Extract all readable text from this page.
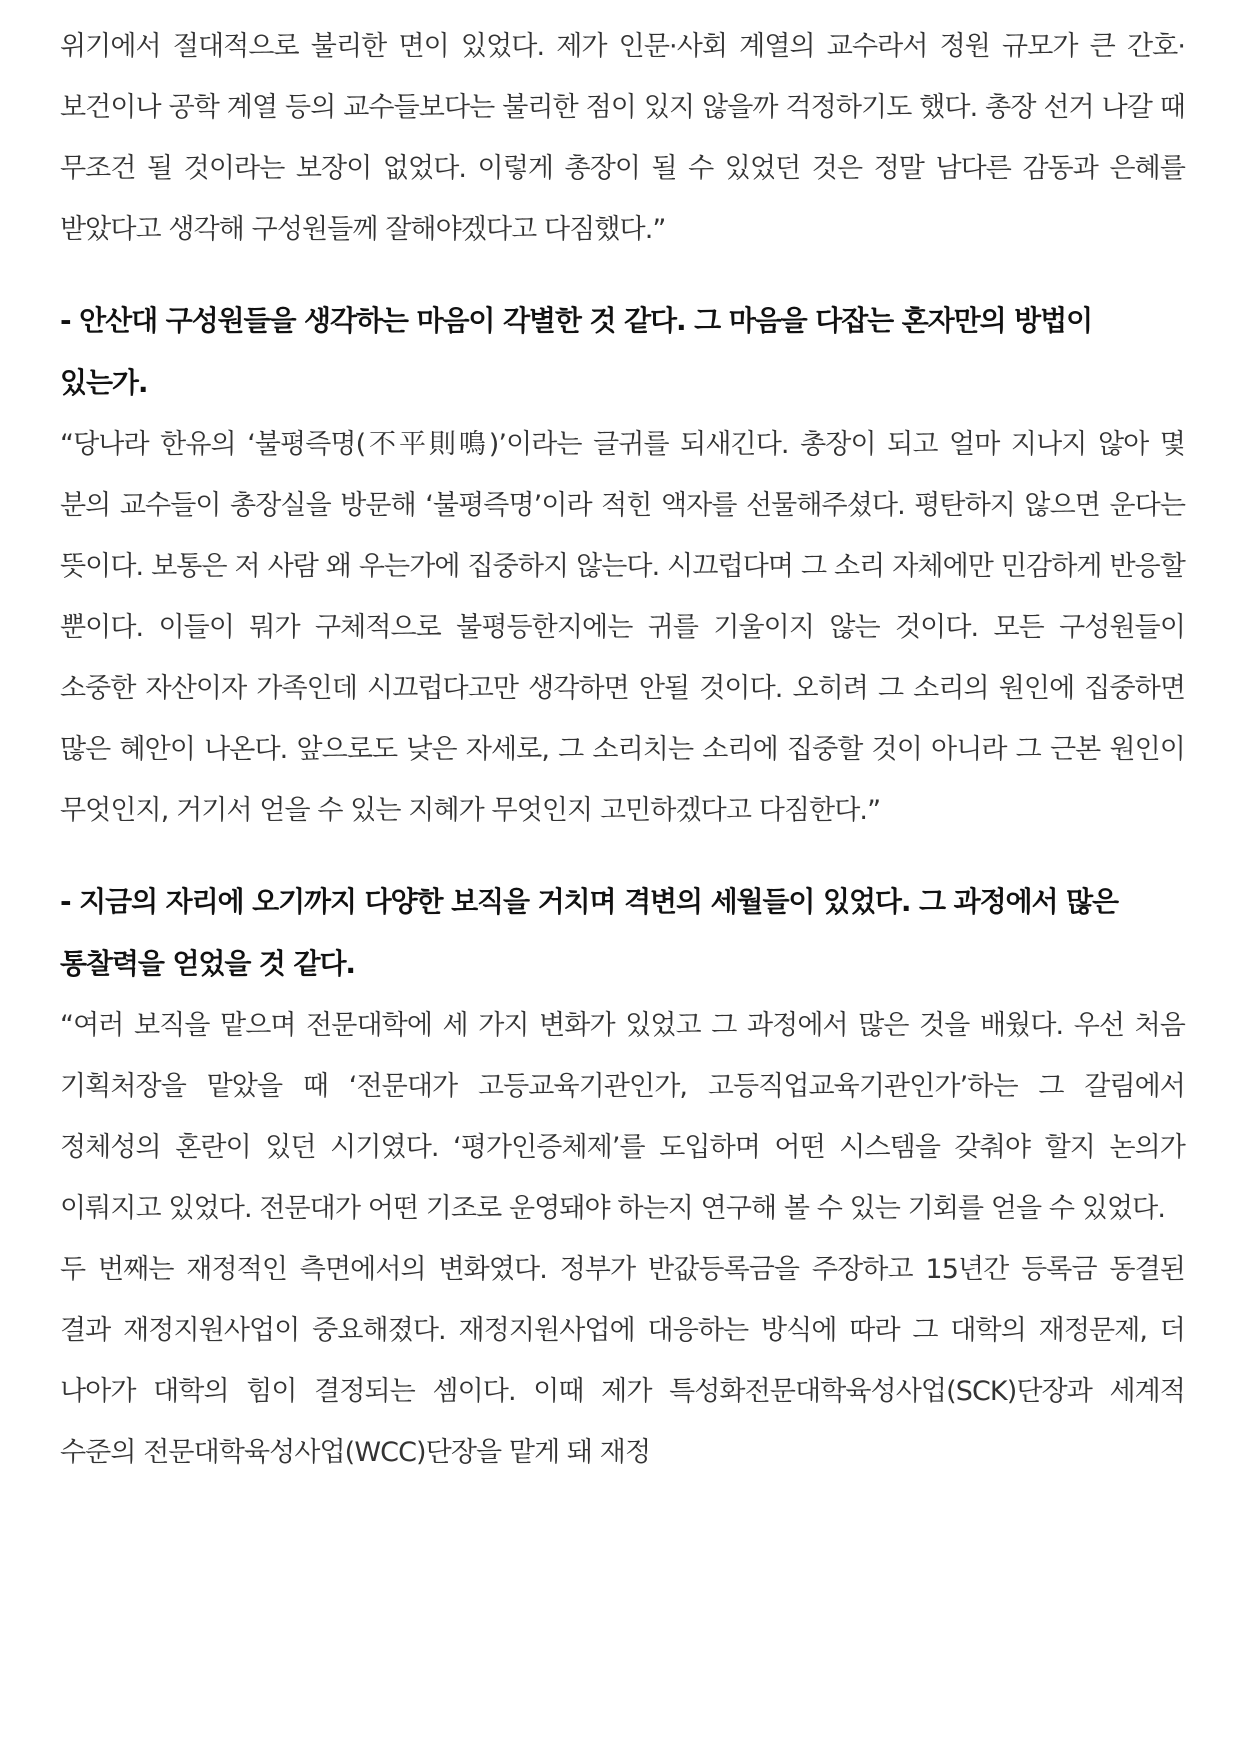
위기에서 절대적으로 불리한 면이 있었다. 제가 인문·사회 계열의 교수라서 정원 규모가 큰 간호·보건이나 공학 계열 등의 교수들보다는 불리한 점이 있지 않을까 걱정하기도 했다. 총장 선거 나갈 때 무조건 될 것이라는 보장이 없었다. 이렇게 총장이 될 수 있었던 것은 정말 남다른 감동과 은혜를 받았다고 생각해 구성원들께 잘해야겠다고 다짐했다.”

- 안산대 구성원들을 생각하는 마음이 각별한 것 같다. 그 마음을 다잡는 혼자만의 방법이 있는가.

“당나라 한유의 ‘불평즉명(不平則鳴)’이라는 글귀를 되새긴다. 총장이 되고 얼마 지나지 않아 몇 분의 교수들이 총장실을 방문해 ‘불평즉명’이라 적힌 액자를 선물해주셨다. 평탄하지 않으면 운다는 뜻이다. 보통은 저 사람 왜 우는가에 집중하지 않는다. 시끄럽다며 그 소리 자체에만 민감하게 반응할 뿐이다. 이들이 뭐가 구체적으로 불평등한지에는 귀를 기울이지 않는 것이다. 모든 구성원들이 소중한 자산이자 가족인데 시끄럽다고만 생각하면 안될 것이다. 오히려 그 소리의 원인에 집중하면 많은 혜안이 나온다. 앞으로도 낮은 자세로, 그 소리치는 소리에 집중할 것이 아니라 그 근본 원인이 무엇인지, 거기서 얻을 수 있는 지혜가 무엇인지 고민하겠다고 다짐한다.”

- 지금의 자리에 오기까지 다양한 보직을 거치며 격변의 세월들이 있었다. 그 과정에서 많은 통찰력을 얻었을 것 같다.

“여러 보직을 맡으며 전문대학에 세 가지 변화가 있었고 그 과정에서 많은 것을 배웠다. 우선 처음 기획처장을 맡았을 때 ‘전문대가 고등교육기관인가, 고등직업교육기관인가’하는 그 갈림에서 정체성의 혼란이 있던 시기였다. ‘평가인증체제’를 도입하며 어떤 시스템을 갖춰야 할지 논의가 이뤄지고 있었다. 전문대가 어떤 기조로 운영돼야 하는지 연구해 볼 수 있는 기회를 얻을 수 있었다.

두 번째는 재정적인 측면에서의 변화였다. 정부가 반값등록금을 주장하고 15년간 등록금 동결된 결과 재정지원사업이 중요해졌다. 재정지원사업에 대응하는 방식에 따라 그 대학의 재정문제, 더 나아가 대학의 힘이 결정되는 셈이다. 이때 제가 특성화전문대학육성사업(SCK)단장과 세계적 수준의 전문대학육성사업(WCC)단장을 맡게 돼 재정
